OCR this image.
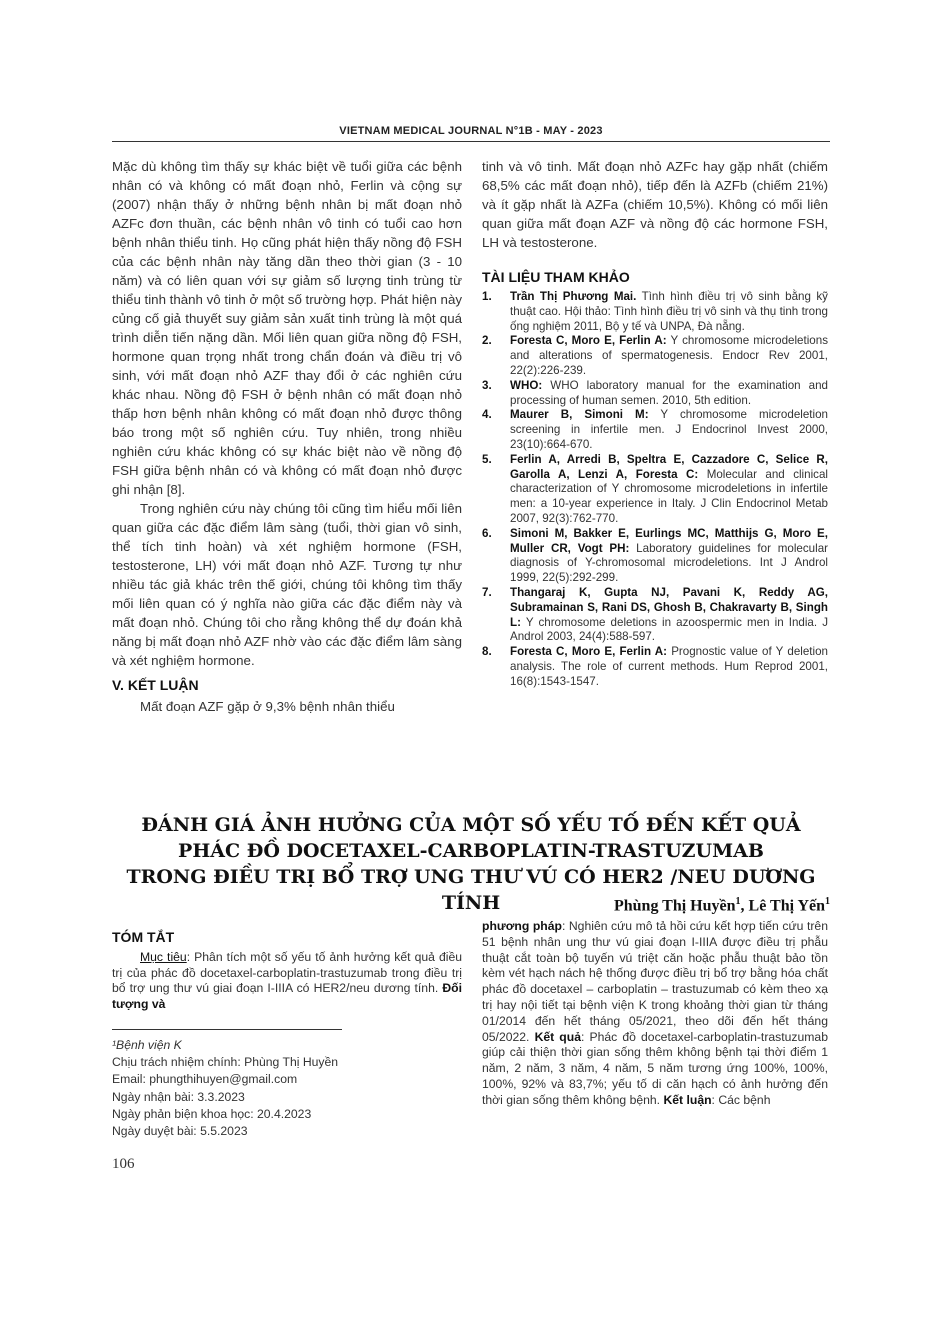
VIETNAM MEDICAL JOURNAL N°1B - MAY - 2023

Mặc dù không tìm thấy sự khác biệt về tuổi giữa các bệnh nhân có và không có mất đoạn nhỏ, Ferlin và cộng sự (2007) nhận thấy ở những bệnh nhân bị mất đoạn nhỏ AZFc đơn thuần, các bệnh nhân vô tinh có tuổi cao hơn bệnh nhân thiểu tinh. Họ cũng phát hiện thấy nồng độ FSH của các bệnh nhân này tăng dần theo thời gian (3 - 10 năm) và có liên quan với sự giảm số lượng tinh trùng từ thiểu tinh thành vô tinh ở một số trường hợp. Phát hiện này củng cố giả thuyết suy giảm sản xuất tinh trùng là một quá trình diễn tiến nặng dần. Mối liên quan giữa nồng độ FSH, hormone quan trọng nhất trong chẩn đoán và điều trị vô sinh, với mất đoạn nhỏ AZF thay đổi ở các nghiên cứu khác nhau. Nồng độ FSH ở bệnh nhân có mất đoạn nhỏ thấp hơn bệnh nhân không có mất đoạn nhỏ được thông báo trong một số nghiên cứu. Tuy nhiên, trong nhiều nghiên cứu khác không có sự khác biệt nào về nồng độ FSH giữa bệnh nhân có và không có mất đoạn nhỏ được ghi nhận [8].

Trong nghiên cứu này chúng tôi cũng tìm hiểu mối liên quan giữa các đặc điểm lâm sàng (tuổi, thời gian vô sinh, thể tích tinh hoàn) và xét nghiệm hormone (FSH, testosterone, LH) với mất đoạn nhỏ AZF. Tương tự như nhiều tác giả khác trên thế giới, chúng tôi không tìm thấy mối liên quan có ý nghĩa nào giữa các đặc điểm này và mất đoạn nhỏ. Chúng tôi cho rằng không thể dự đoán khả năng bị mất đoạn nhỏ AZF nhờ vào các đặc điểm lâm sàng và xét nghiệm hormone.

V. KẾT LUẬN

Mất đoạn AZF gặp ở 9,3% bệnh nhân thiểu

tinh và vô tinh. Mất đoạn nhỏ AZFc hay gặp nhất (chiếm 68,5% các mất đoạn nhỏ), tiếp đến là AZFb (chiếm 21%) và ít gặp nhất là AZFa (chiếm 10,5%). Không có mối liên quan giữa mất đoạn AZF và nồng độ các hormone FSH, LH và testosterone.

TÀI LIỆU THAM KHẢO
1. Trần Thị Phương Mai. Tình hình điều trị vô sinh bằng kỹ thuật cao. Hội thảo: Tình hình điều trị vô sinh và thụ tinh trong ống nghiệm 2011, Bộ y tế và UNPA, Đà nẵng.
2. Foresta C, Moro E, Ferlin A: Y chromosome microdeletions and alterations of spermatogenesis. Endocr Rev 2001, 22(2):226-239.
3. WHO: WHO laboratory manual for the examination and processing of human semen. 2010, 5th edition.
4. Maurer B, Simoni M: Y chromosome microdeletion screening in infertile men. J Endocrinol Invest 2000, 23(10):664-670.
5. Ferlin A, Arredi B, Speltra E, Cazzadore C, Selice R, Garolla A, Lenzi A, Foresta C: Molecular and clinical characterization of Y chromosome microdeletions in infertile men: a 10-year experience in Italy. J Clin Endocrinol Metab 2007, 92(3):762-770.
6. Simoni M, Bakker E, Eurlings MC, Matthijs G, Moro E, Muller CR, Vogt PH: Laboratory guidelines for molecular diagnosis of Y-chromosomal microdeletions. Int J Androl 1999, 22(5):292-299.
7. Thangaraj K, Gupta NJ, Pavani K, Reddy AG, Subramainan S, Rani DS, Ghosh B, Chakravarty B, Singh L: Y chromosome deletions in azoospermic men in India. J Androl 2003, 24(4):588-597.
8. Foresta C, Moro E, Ferlin A: Prognostic value of Y deletion analysis. The role of current methods. Hum Reprod 2001, 16(8):1543-1547.
ĐÁNH GIÁ ẢNH HƯỞNG CỦA MỘT SỐ YẾU TỐ ĐẾN KẾT QUẢ
PHÁC ĐỒ DOCETAXEL-CARBOPLATIN-TRASTUZUMAB
TRONG ĐIỀU TRỊ BỔ TRỢ UNG THƯ VÚ CÓ HER2 /NEU DƯƠNG TÍNH	Phùng Thị Huyền$^1$, Lê Thị Yến$^1$
TÓM TẮT

Mục tiêu: Phân tích một số yếu tố ảnh hưởng kết quả điều trị của phác đồ docetaxel-carboplatin-trastuzumab trong điều trị bổ trợ ung thư vú giai đoạn I-IIIA có HER2/neu dương tính. Đối tượng và

phương pháp: Nghiên cứu mô tả hồi cứu kết hợp tiến cứu trên 51 bệnh nhân ung thư vú giai đoạn I-IIIA được điều trị phẫu thuật cắt toàn bộ tuyến vú triệt căn hoặc phẫu thuật bảo tồn kèm vét hạch nách hệ thống được điều trị bổ trợ bằng hóa chất phác đồ docetaxel – carboplatin – trastuzumab có kèm theo xạ trị hay nội tiết tại bệnh viện K trong khoảng thời gian từ tháng 01/2014 đến hết tháng 05/2021, theo dõi đến hết tháng 05/2022. Kết quả: Phác đồ docetaxel-carboplatin-trastuzumab giúp cải thiện thời gian sống thêm không bệnh tại thời điểm 1 năm, 2 năm, 3 năm, 4 năm, 5 năm tương ứng 100%, 100%, 100%, 92% và 83,7%; yếu tố di căn hạch có ảnh hưởng đến thời gian sống thêm không bệnh. Kết luận: Các bệnh

¹Bệnh viện K
Chịu trách nhiệm chính: Phùng Thị Huyền
Email: phungthihuyen@gmail.com
Ngày nhận bài: 3.3.2023
Ngày phản biện khoa học: 20.4.2023
Ngày duyệt bài: 5.5.2023
106
